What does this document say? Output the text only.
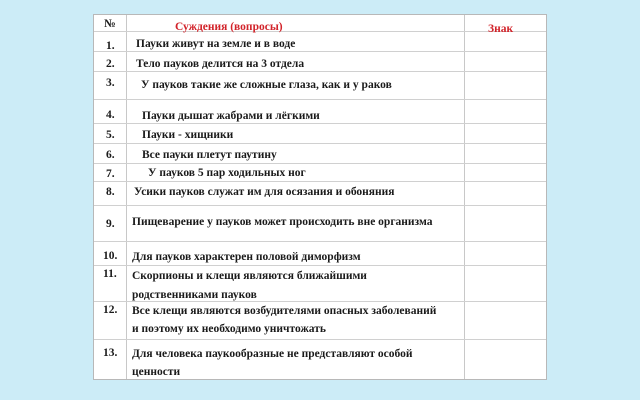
№	Суждения (вопросы)	Знак
1.
2.
3.
4.
5.
6.
7.
8.
9.
10.
11.
12.
13.
Пауки живут на земле и в воде
Тело пауков делится на 3 отдела
У пауков такие же сложные глаза, как и у раков
Пауки дышат жабрами и лёгкими
Пауки - хищники
Все пауки плетут паутину
У пауков 5 пар ходильных ног
Усики пауков служат им для осязания и обоняния
Пищеварение у пауков может происходить вне организма
Для пауков характерен половой диморфизм
Скорпионы и клещи являются ближайшими
родственниками пауков
Все клещи являются возбудителями опасных заболеваний
и поэтому их необходимо уничтожать
Для человека паукообразные не представляют особой
ценности
